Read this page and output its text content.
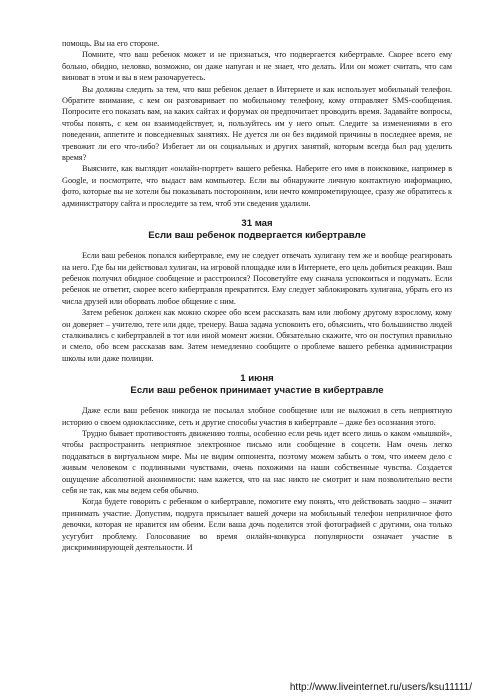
помощь. Вы на его стороне.

Помните, что ваш ребенок может и не признаться, что подвергается кибертравле. Скорее всего ему больно, обидно, неловко, возможно, он даже напуган и не знает, что делать. Или он может считать, что сам виноват в этом и вы в нем разочаруетесь.

Вы должны следить за тем, что ваш ребенок делает в Интернете и как использует мобильный телефон. Обратите внимание, с кем он разговаривает по мобильному телефону, кому отправляет SMS-сообщения. Попросите его показать вам, на каких сайтах и форумах он предпочитает проводить время. Задавайте вопросы, чтобы понять, с кем он взаимодействует, и, пользуйтесь им у него опыт. Следите за изменениями в его поведении, аппетите и повседневных занятиях. Не дуется ли он без видимой причины в последнее время, не тревожит ли его что-либо? Избегает ли он социальных и других занятий, которым всегда был рад уделить время?

Выясните, как выглядит «онлайн-портрет» вашего ребенка. Наберите его имя в поисковике, например в Google, и посмотрите, что выдаст вам компьютер. Если вы обнаружите личную контактную информацию, фото, которые вы не хотели бы показывать посторонним, или нечто компрометирующее, сразу же обратитесь к администратору сайта и проследите за тем, чтоб эти сведения удалили.

31 мая
Если ваш ребенок подвергается кибертравле

Если ваш ребенок попался кибертравле, ему не следует отвечать хулигану тем же и вообще реагировать на него. Где бы ни действовал хулиган, на игровой площадке или в Интернете, его цель добиться реакции. Ваш ребенок получил обидное сообщение и расстроился? Посоветуйте ему сначала успокоиться и подумать. Если ребенок не ответит, скорее всего кибертравля прекратится. Ему следует заблокировать хулигана, убрать его из числа друзей или оборвать любое общение с ним.

Затем ребенок должен как можно скорее обо всем рассказать вам или любому другому взрослому, кому он доверяет – учителю, тете или дяде, тренеру. Ваша задача успокоить его, объяснить, что большинство людей сталкивались с кибертравлей в тот или иной момент жизни. Обязательно скажите, что он поступил правильно и смело, обо всем рассказав вам. Затем немедленно сообщите о проблеме вашего ребенка администрации школы или даже полиции.

1 июня
Если ваш ребенок принимает участие в кибертравле

Даже если ваш ребенок никогда не посылал злобное сообщение или не выложил в сеть неприятную историю о своем однокласснике, сеть и другие способы участия в кибертравле – даже без осознания этого.

Трудно бывает противостоять движению толпы, особенно если речь идет всего лишь о каком «мышкой», чтобы распространить неприятное электронное письмо или сообщение в соцсети. Нам очень легко поддаваться в виртуальном мире. Мы не видим оппонента, поэтому можем забыть о том, что имеем дело с живым человеком с подлинными чувствами, очень похожими на наши собственные чувства. Создается ощущение абсолютной анонимности: нам кажется, что на нас никто не смотрит и нам позволительно вести себя не так, как мы ведем себя обычно.

Когда будете говорить с ребенком о кибертравле, помогите ему понять, что действовать заодно – значит принимать участие. Допустим, подруга присылает вашей дочери на мобильный телефон неприличное фото девочки, которая не нравится им обеим. Если ваша дочь поделится этой фотографией с другими, она только усугубит проблему. Голосование во время онлайн-конкурса популярности означает участие в дискриминирующей деятельности. И

http://www.liveinternet.ru/users/ksu11111/
